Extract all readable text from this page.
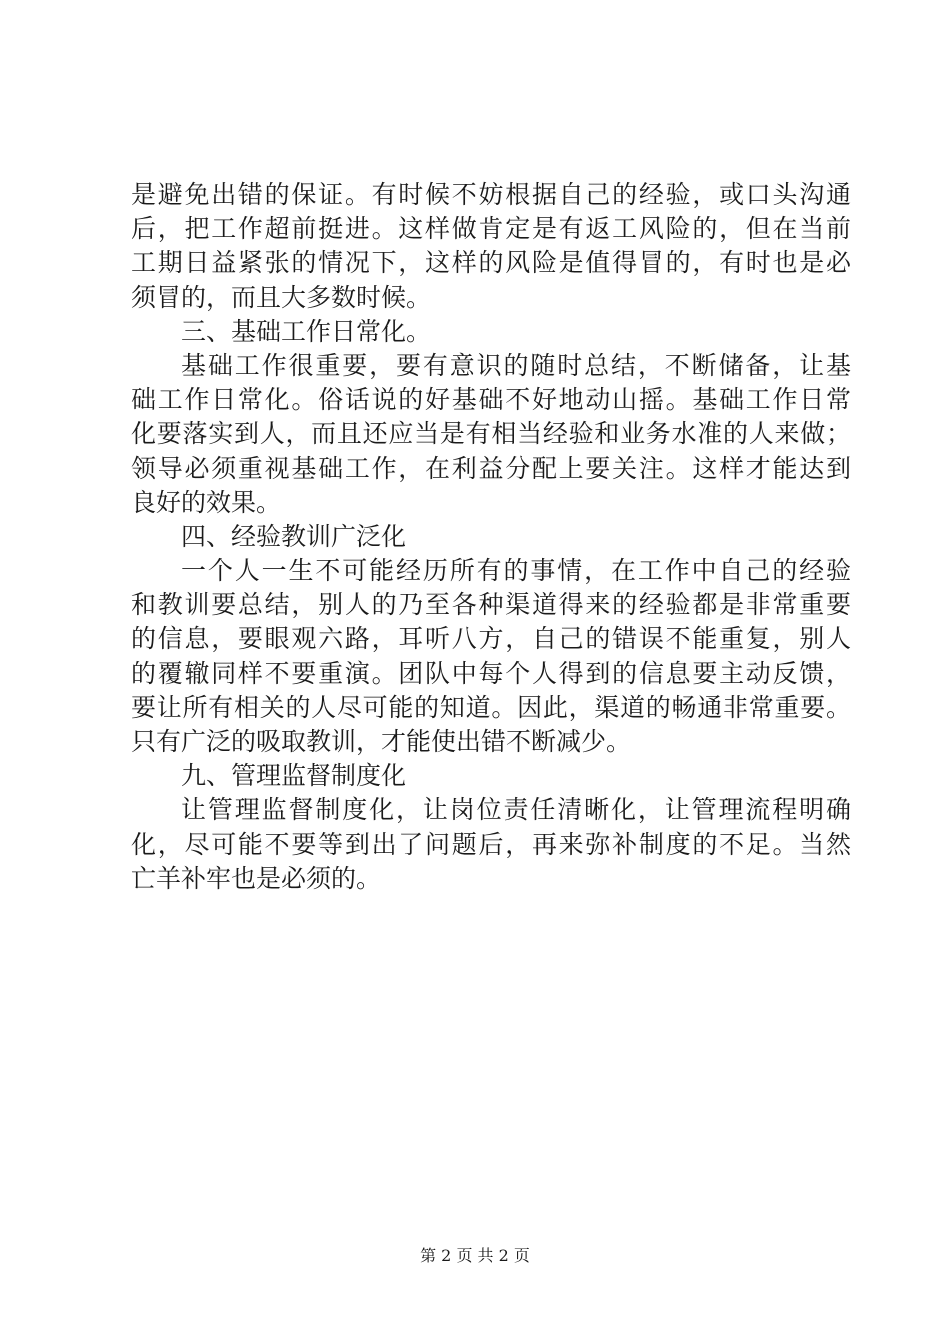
是避免出错的保证。有时候不妨根据自己的经验，或口头沟通
后，把工作超前挺进。这样做肯定是有返工风险的，但在当前
工期日益紧张的情况下，这样的风险是值得冒的，有时也是必
须冒的，而且大多数时候。
三、基础工作日常化。
基础工作很重要，要有意识的随时总结，不断储备，让基
础工作日常化。俗话说的好基础不好地动山摇。基础工作日常
化要落实到人，而且还应当是有相当经验和业务水准的人来做；
领导必须重视基础工作，在利益分配上要关注。这样才能达到
良好的效果。
四、经验教训广泛化
一个人一生不可能经历所有的事情，在工作中自己的经验
和教训要总结，别人的乃至各种渠道得来的经验都是非常重要
的信息，要眼观六路，耳听八方，自己的错误不能重复，别人
的覆辙同样不要重演。团队中每个人得到的信息要主动反馈，
要让所有相关的人尽可能的知道。因此，渠道的畅通非常重要。
只有广泛的吸取教训，才能使出错不断减少。
九、管理监督制度化
让管理监督制度化，让岗位责任清晰化，让管理流程明确
化，尽可能不要等到出了问题后，再来弥补制度的不足。当然
亡羊补牢也是必须的。
第 2 页 共 2 页
